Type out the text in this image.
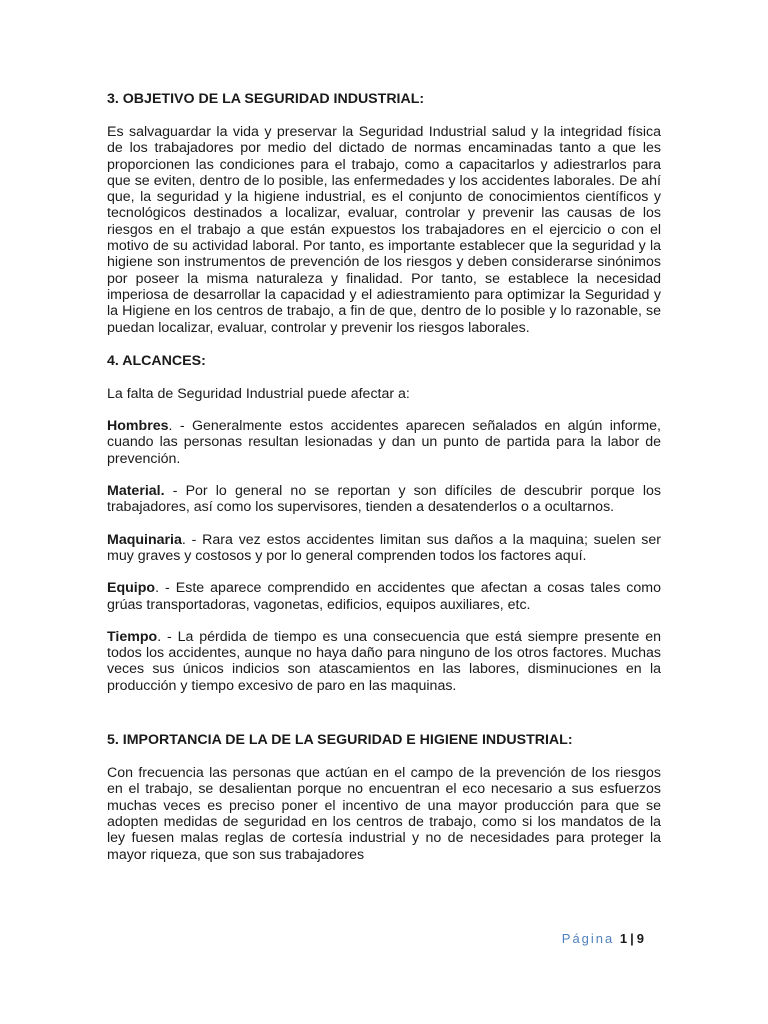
3. OBJETIVO DE LA SEGURIDAD INDUSTRIAL:

Es salvaguardar la vida y preservar la Seguridad Industrial salud y la integridad física de los trabajadores por medio del dictado de normas encaminadas tanto a que les proporcionen las condiciones para el trabajo, como a capacitarlos y adiestrarlos para que se eviten, dentro de lo posible, las enfermedades y los accidentes laborales. De ahí que, la seguridad y la higiene industrial, es el conjunto de conocimientos científicos y tecnológicos destinados a localizar, evaluar, controlar y prevenir las causas de los riesgos en el trabajo a que están expuestos los trabajadores en el ejercicio o con el motivo de su actividad laboral. Por tanto, es importante establecer que la seguridad y la higiene son instrumentos de prevención de los riesgos y deben considerarse sinónimos por poseer la misma naturaleza y finalidad. Por tanto, se establece la necesidad imperiosa de desarrollar la capacidad y el adiestramiento para optimizar la Seguridad y la Higiene en los centros de trabajo, a fin de que, dentro de lo posible y lo razonable, se puedan localizar, evaluar, controlar y prevenir los riesgos laborales.

4. ALCANCES:

La falta de Seguridad Industrial puede afectar a:

Hombres. - Generalmente estos accidentes aparecen señalados en algún informe, cuando las personas resultan lesionadas y dan un punto de partida para la labor de prevención.

Material. - Por lo general no se reportan y son difíciles de descubrir porque los trabajadores, así como los supervisores, tienden a desatenderlos o a ocultarnos.

Maquinaria. - Rara vez estos accidentes limitan sus daños a la maquina; suelen ser muy graves y costosos y por lo general comprenden todos los factores aquí.

Equipo. - Este aparece comprendido en accidentes que afectan a cosas tales como grúas transportadoras, vagonetas, edificios, equipos auxiliares, etc.

Tiempo. - La pérdida de tiempo es una consecuencia que está siempre presente en todos los accidentes, aunque no haya daño para ninguno de los otros factores. Muchas veces sus únicos indicios son atascamientos en las labores, disminuciones en la producción y tiempo excesivo de paro en las maquinas.

5. IMPORTANCIA DE LA DE LA SEGURIDAD E HIGIENE INDUSTRIAL:

Con frecuencia las personas que actúan en el campo de la prevención de los riesgos en el trabajo, se desalientan porque no encuentran el eco necesario a sus esfuerzos muchas veces es preciso poner el incentivo de una mayor producción para que se adopten medidas de seguridad en los centros de trabajo, como si los mandatos de la ley fuesen malas reglas de cortesía industrial y no de necesidades para proteger la mayor riqueza, que son sus trabajadores

Página 1 | 9
